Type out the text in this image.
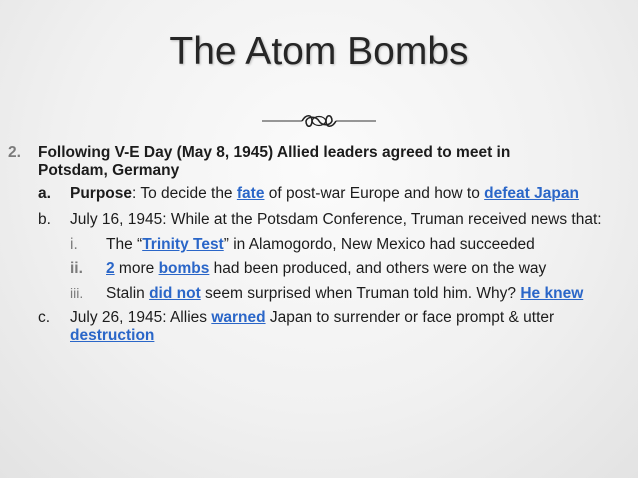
The Atom Bombs
2. Following V-E Day (May 8, 1945) Allied leaders agreed to meet in
Potsdam, Germany
a. Purpose: To decide the fate of post-war Europe and how to defeat Japan
b. July 16, 1945: While at the Potsdam Conference, Truman received news that:
i. The “Trinity Test” in Alamogordo, New Mexico had succeeded
ii. 2 more bombs had been produced, and others were on the way
iii. Stalin did not seem surprised when Truman told him. Why? He knew
c. July 26, 1945: Allies warned Japan to surrender or face prompt & utter
destruction
